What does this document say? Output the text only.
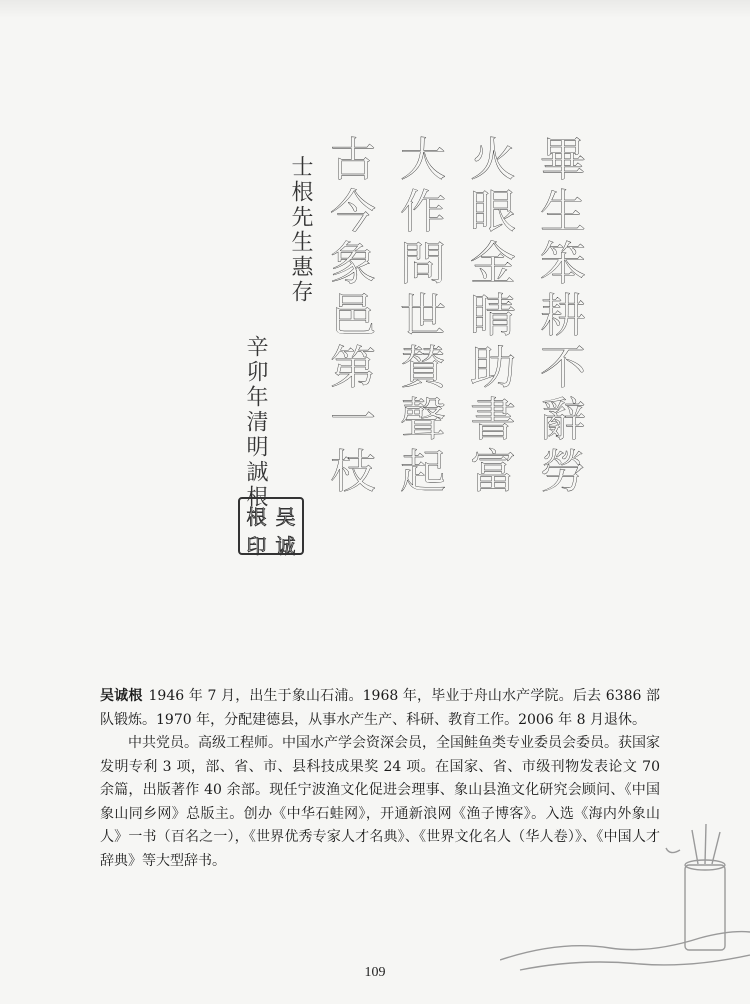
畢生笨耕不辭勞
火眼金睛助書富
大作問世賛聲起
古今象邑第一枝
士根先生惠存
辛卯年清明誠根
根 吴
印 诚

吴诚根 1946 年 7 月，出生于象山石浦。1968 年，毕业于舟山水产学院。后去 6386 部队锻炼。1970 年，分配建德县，从事水产生产、科研、教育工作。2006 年 8 月退休。

中共党员。高级工程师。中国水产学会资深会员，全国鲑鱼类专业委员会委员。获国家发明专利 3 项，部、省、市、县科技成果奖 24 项。在国家、省、市级刊物发表论文 70 余篇，出版著作 40 余部。现任宁波渔文化促进会理事、象山县渔文化研究会顾问、《中国象山同乡网》总版主。创办《中华石蛙网》，开通新浪网《渔子博客》。入选《海内外象山人》一书（百名之一），《世界优秀专家人才名典》、《世界文化名人（华人卷）》、《中国人才辞典》等大型辞书。

109
